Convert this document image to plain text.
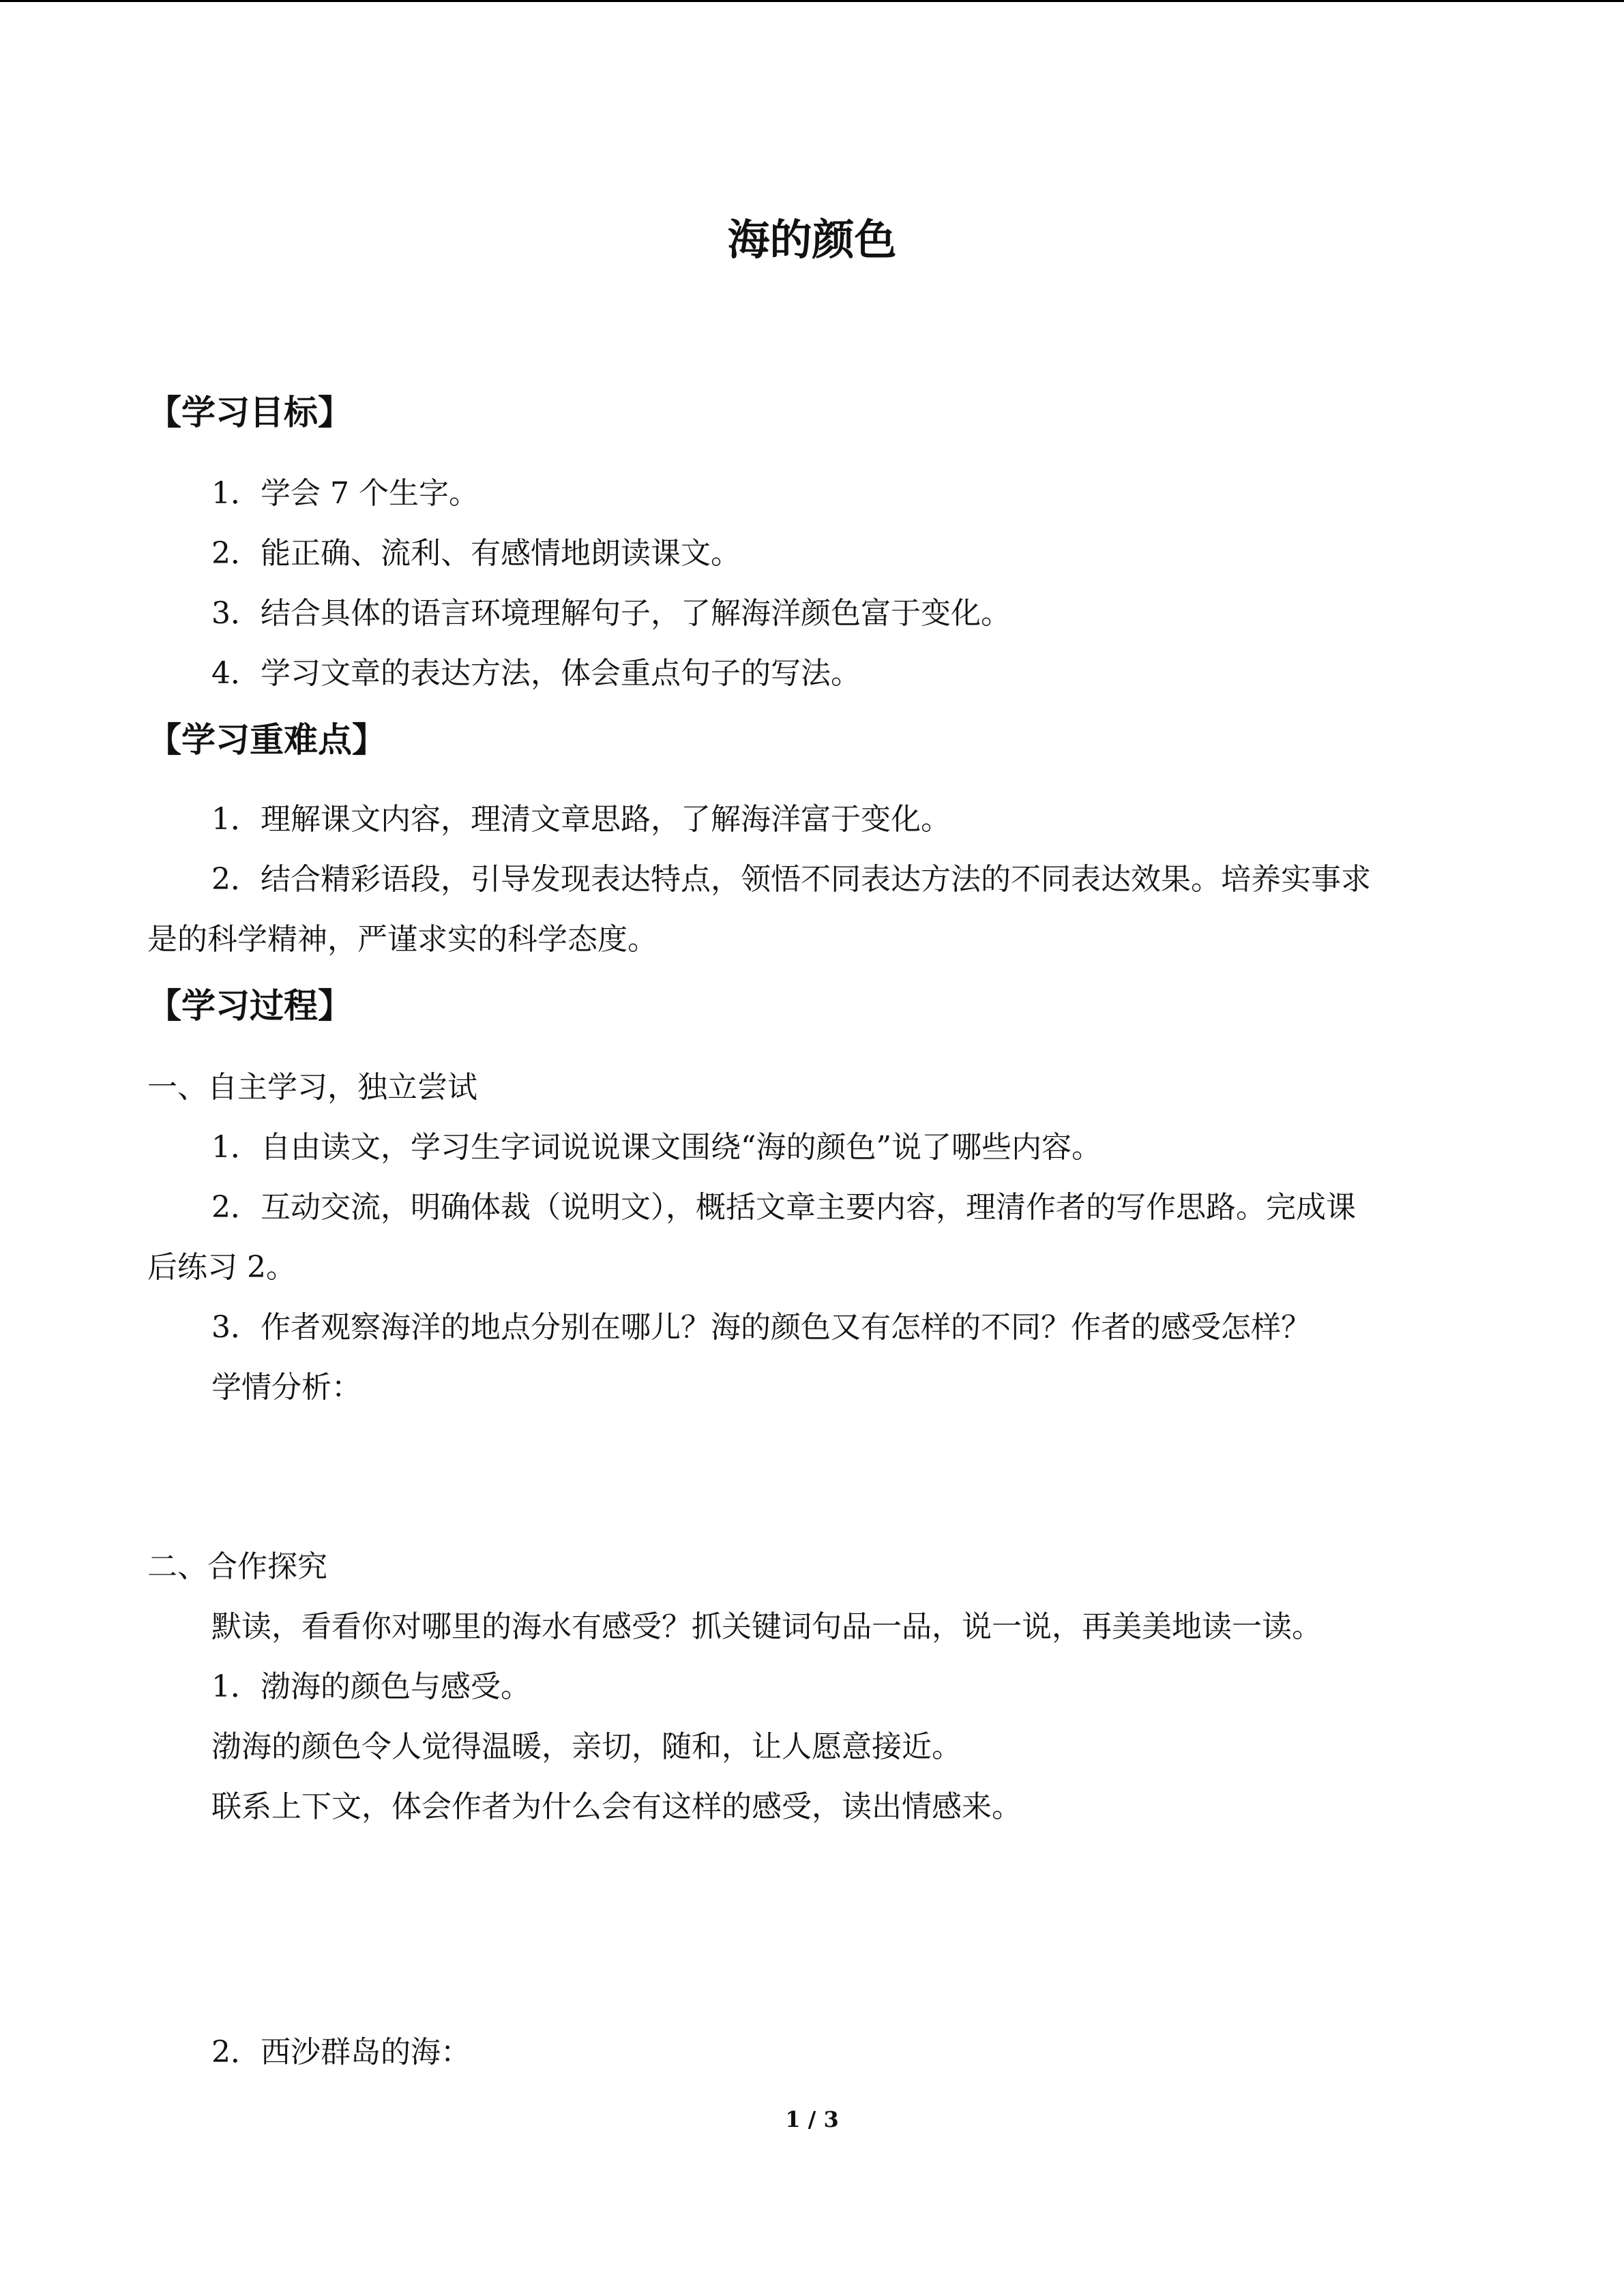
海的颜色
【学习目标】
1．学会 7 个生字。
2．能正确、流利、有感情地朗读课文。
3．结合具体的语言环境理解句子，了解海洋颜色富于变化。
4．学习文章的表达方法，体会重点句子的写法。
【学习重难点】
1．理解课文内容，理清文章思路，了解海洋富于变化。
2．结合精彩语段，引导发现表达特点，领悟不同表达方法的不同表达效果。培养实事求
是的科学精神，严谨求实的科学态度。
【学习过程】
一、自主学习，独立尝试
1．自由读文，学习生字词说说课文围绕“海的颜色”说了哪些内容。
2．互动交流，明确体裁（说明文），概括文章主要内容，理清作者的写作思路。完成课
后练习 2。
3．作者观察海洋的地点分别在哪儿？海的颜色又有怎样的不同？作者的感受怎样？
学情分析：
二、合作探究
默读，看看你对哪里的海水有感受？抓关键词句品一品，说一说，再美美地读一读。
1．渤海的颜色与感受。
渤海的颜色令人觉得温暖，亲切，随和，让人愿意接近。
联系上下文，体会作者为什么会有这样的感受，读出情感来。
2．西沙群岛的海：
1 / 3
